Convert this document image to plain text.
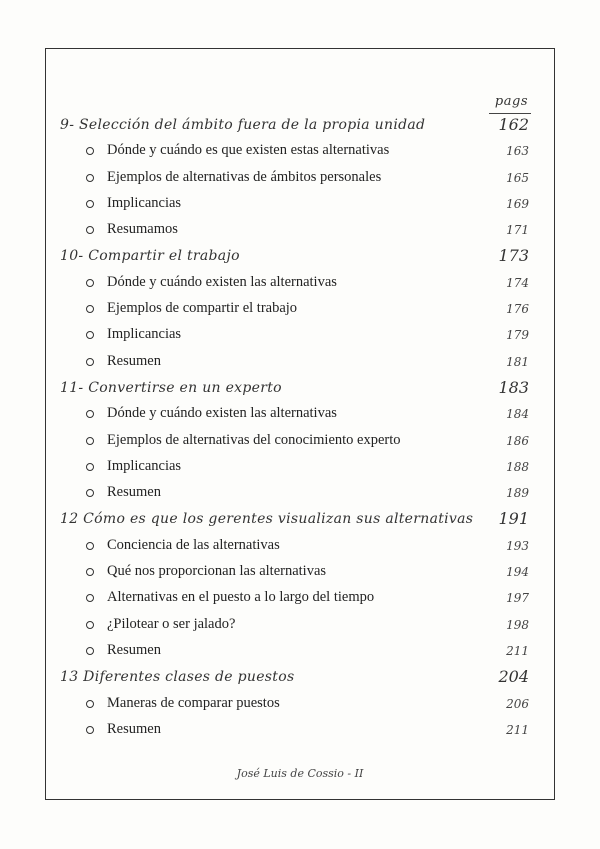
pags
9- Selección del ámbito fuera de la propia unidad	162
Dónde y cuándo es que existen estas alternativas	163
Ejemplos de alternativas de ámbitos personales	165
Implicancias	169
Resumamos	171
10- Compartir el trabajo	173
Dónde y cuándo existen las alternativas	174
Ejemplos de compartir el trabajo	176
Implicancias	179
Resumen	181
11- Convertirse en un experto	183
Dónde y cuándo existen las alternativas	184
Ejemplos de alternativas del conocimiento experto	186
Implicancias	188
Resumen	189
12 Cómo es que los gerentes visualizan sus alternativas 191
Conciencia de las alternativas	193
Qué nos proporcionan las alternativas	194
Alternativas en el puesto a lo largo del tiempo	197
¿Pilotear o ser jalado?	198
Resumen	211
13 Diferentes clases de puestos	204
Maneras de comparar puestos	206
Resumen	211
José Luis de Cossio - II
